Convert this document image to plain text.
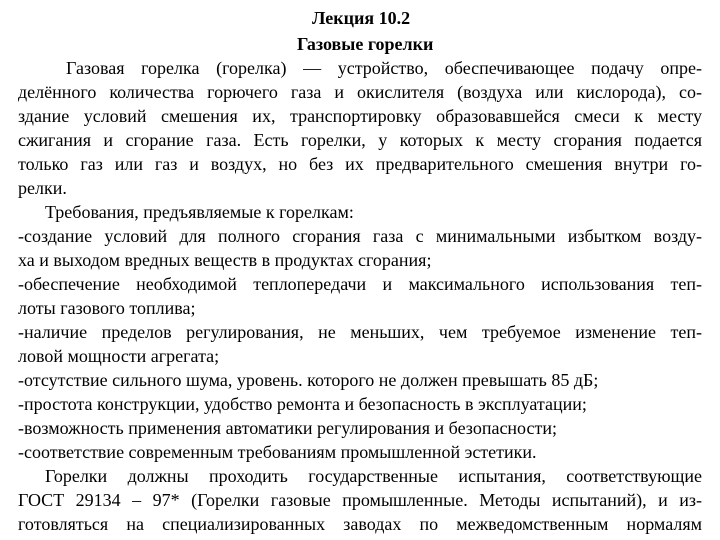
Лекция 10.2
Газовые горелки
Газовая горелка (горелка) — устройство, обеспечивающее подачу опре-
делённого количества горючего газа и окислителя (воздуха или кислорода), со-
здание условий смешения их, транспортировку образовавшейся смеси к месту
сжигания и сгорание газа. Есть горелки, у которых к месту сгорания подается
только газ или газ и воздух, но без их предварительного смешения внутри го-
релки.
Требования, предъявляемые к горелкам:
-создание условий для полного сгорания газа с минимальными избытком возду-
ха и выходом вредных веществ в продуктах сгорания;
-обеспечение необходимой теплопередачи и максимального использования теп-
лоты газового топлива;
-наличие пределов регулирования, не меньших, чем требуемое изменение теп-
ловой мощности агрегата;
-отсутствие сильного шума, уровень. которого не должен превышать 85 дБ;
-простота конструкции, удобство ремонта и безопасность в эксплуатации;
-возможность применения автоматики регулирования и безопасности;
-соответствие современным требованиям промышленной эстетики.
Горелки должны проходить государственные испытания, соответствующие
ГОСТ 29134 – 97* (Горелки газовые промышленные. Методы испытаний), и из-
готовляться на специализированных заводах по межведомственным нормалям
